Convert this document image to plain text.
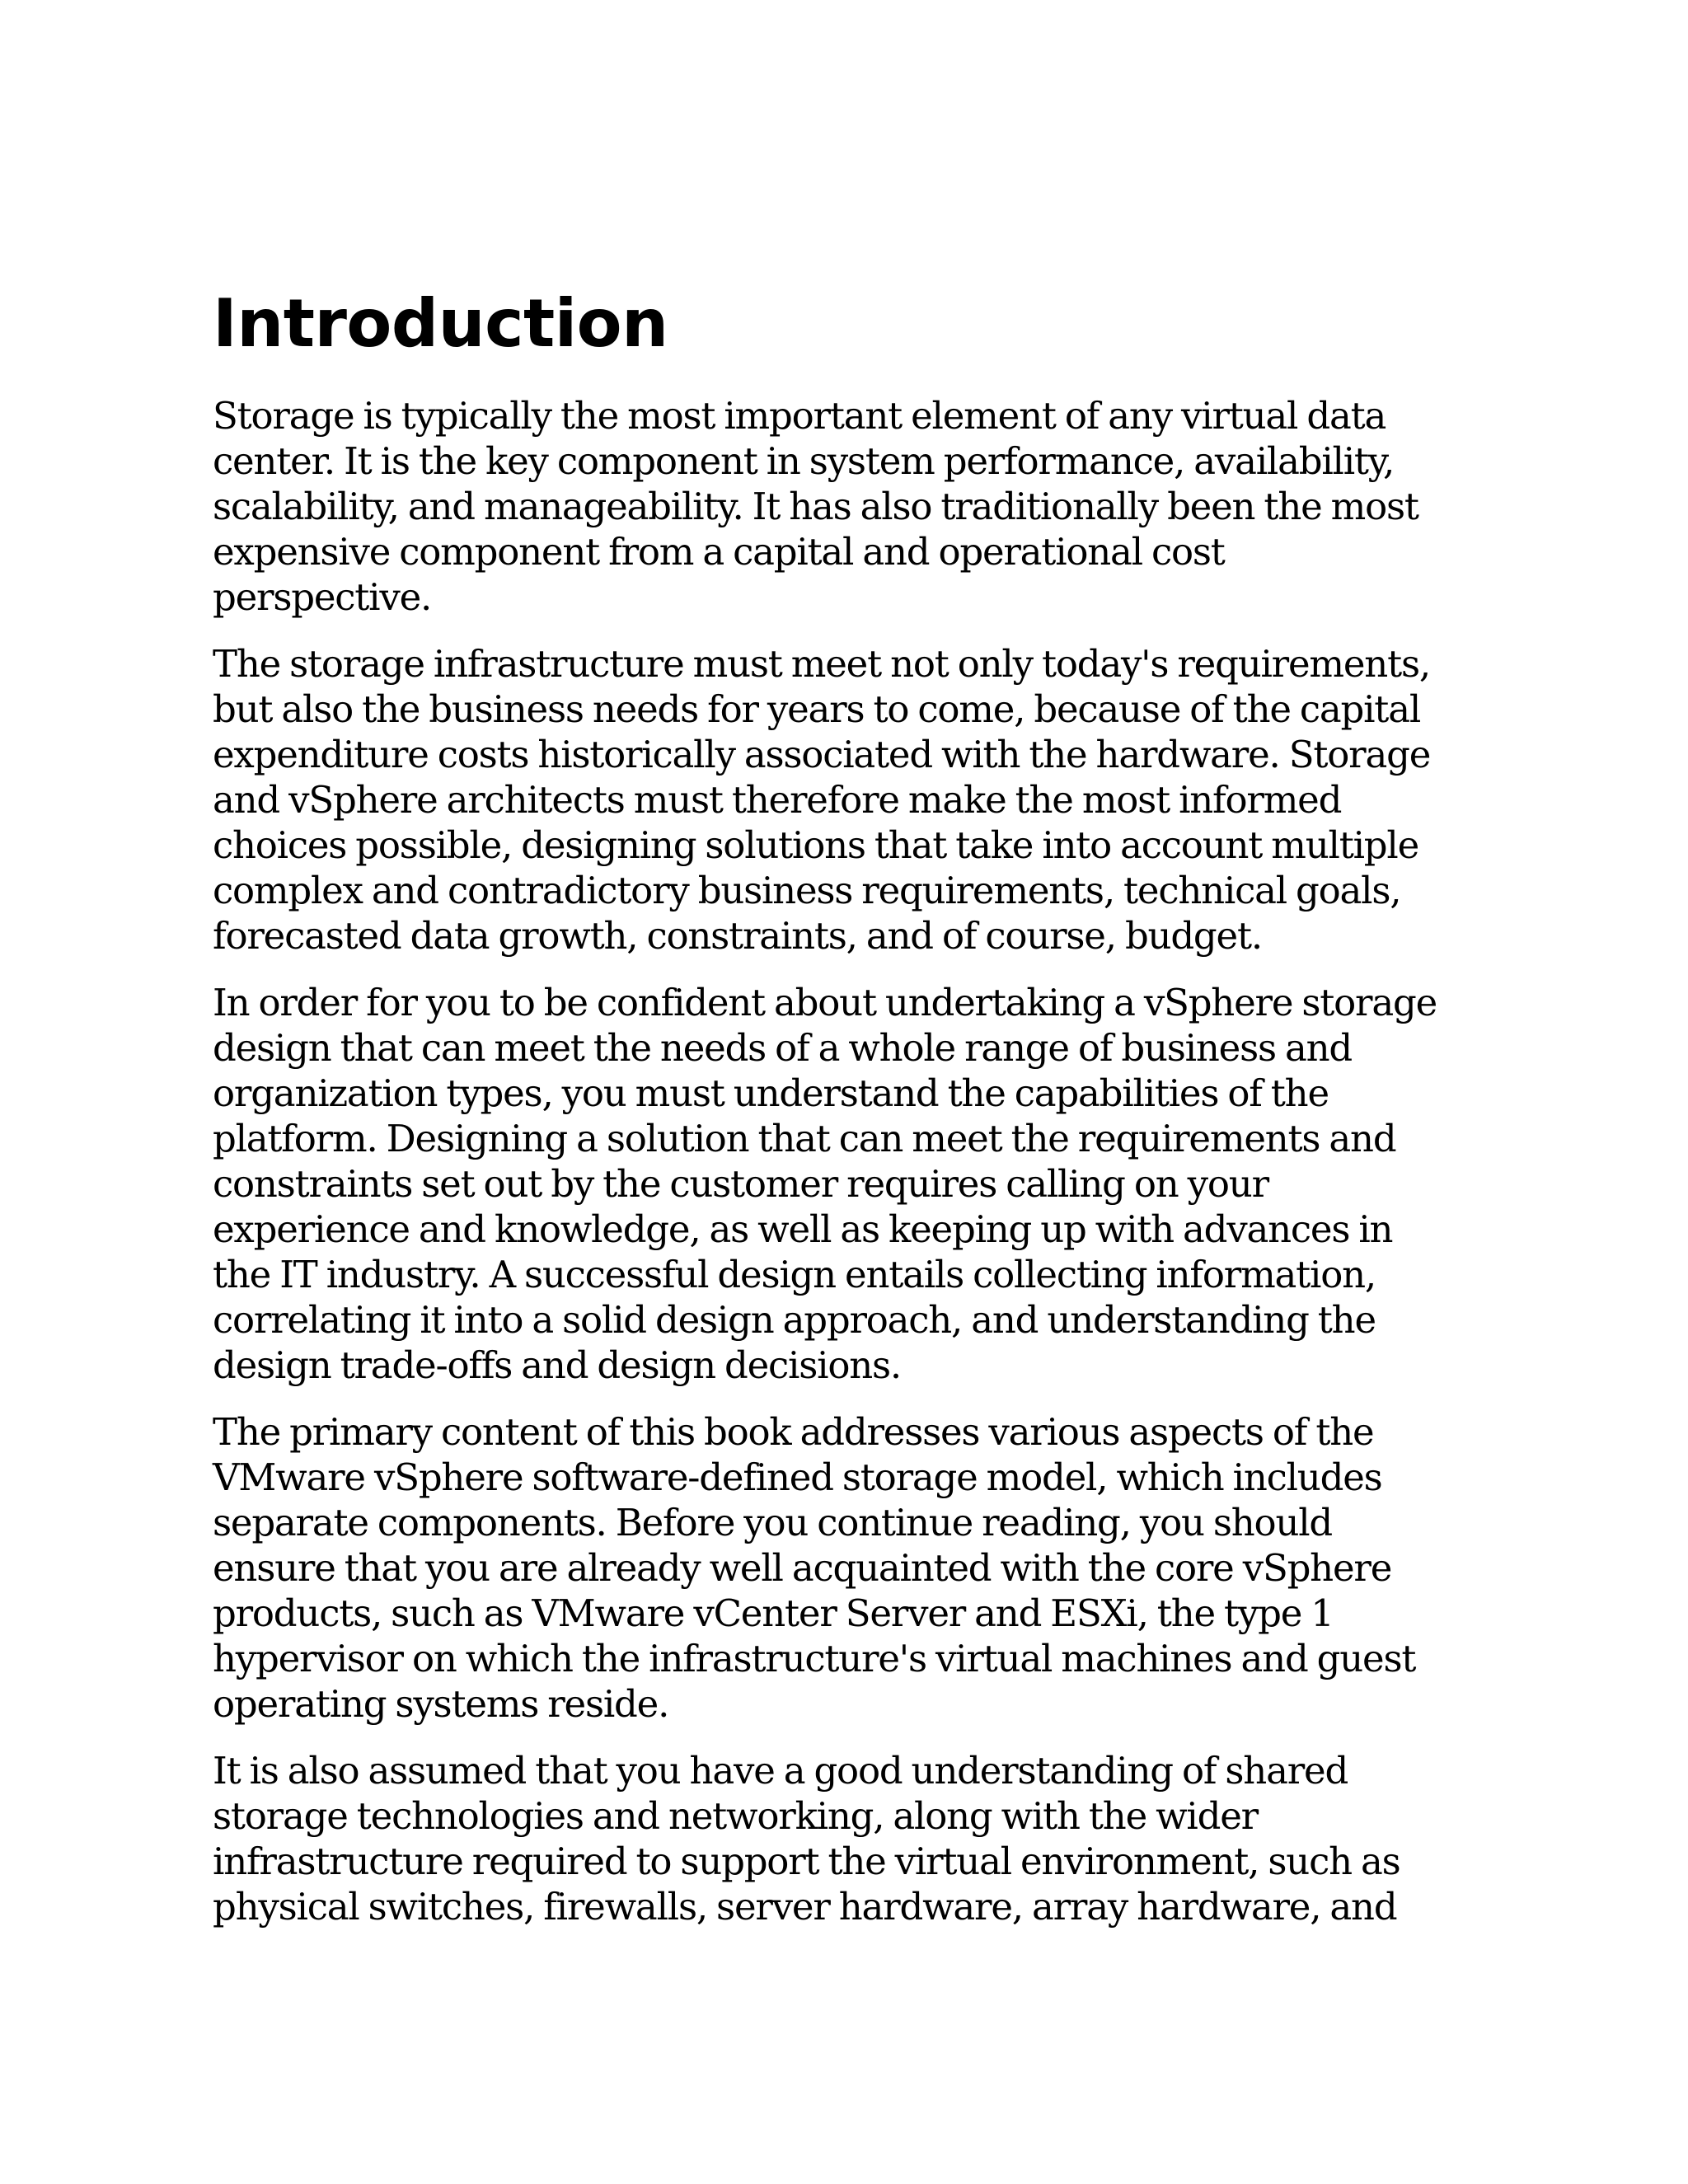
Introduction
Storage is typically the most important element of any virtual data
center. It is the key component in system performance, availability,
scalability, and manageability. It has also traditionally been the most
expensive component from a capital and operational cost
perspective.
The storage infrastructure must meet not only today's requirements,
but also the business needs for years to come, because of the capital
expenditure costs historically associated with the hardware. Storage
and vSphere architects must therefore make the most informed
choices possible, designing solutions that take into account multiple
complex and contradictory business requirements, technical goals,
forecasted data growth, constraints, and of course, budget.
In order for you to be confident about undertaking a vSphere storage
design that can meet the needs of a whole range of business and
organization types, you must understand the capabilities of the
platform. Designing a solution that can meet the requirements and
constraints set out by the customer requires calling on your
experience and knowledge, as well as keeping up with advances in
the IT industry. A successful design entails collecting information,
correlating it into a solid design approach, and understanding the
design trade-offs and design decisions.
The primary content of this book addresses various aspects of the
VMware vSphere software-defined storage model, which includes
separate components. Before you continue reading, you should
ensure that you are already well acquainted with the core vSphere
products, such as VMware vCenter Server and ESXi, the type 1
hypervisor on which the infrastructure's virtual machines and guest
operating systems reside.
It is also assumed that you have a good understanding of shared
storage technologies and networking, along with the wider
infrastructure required to support the virtual environment, such as
physical switches, firewalls, server hardware, array hardware, and
